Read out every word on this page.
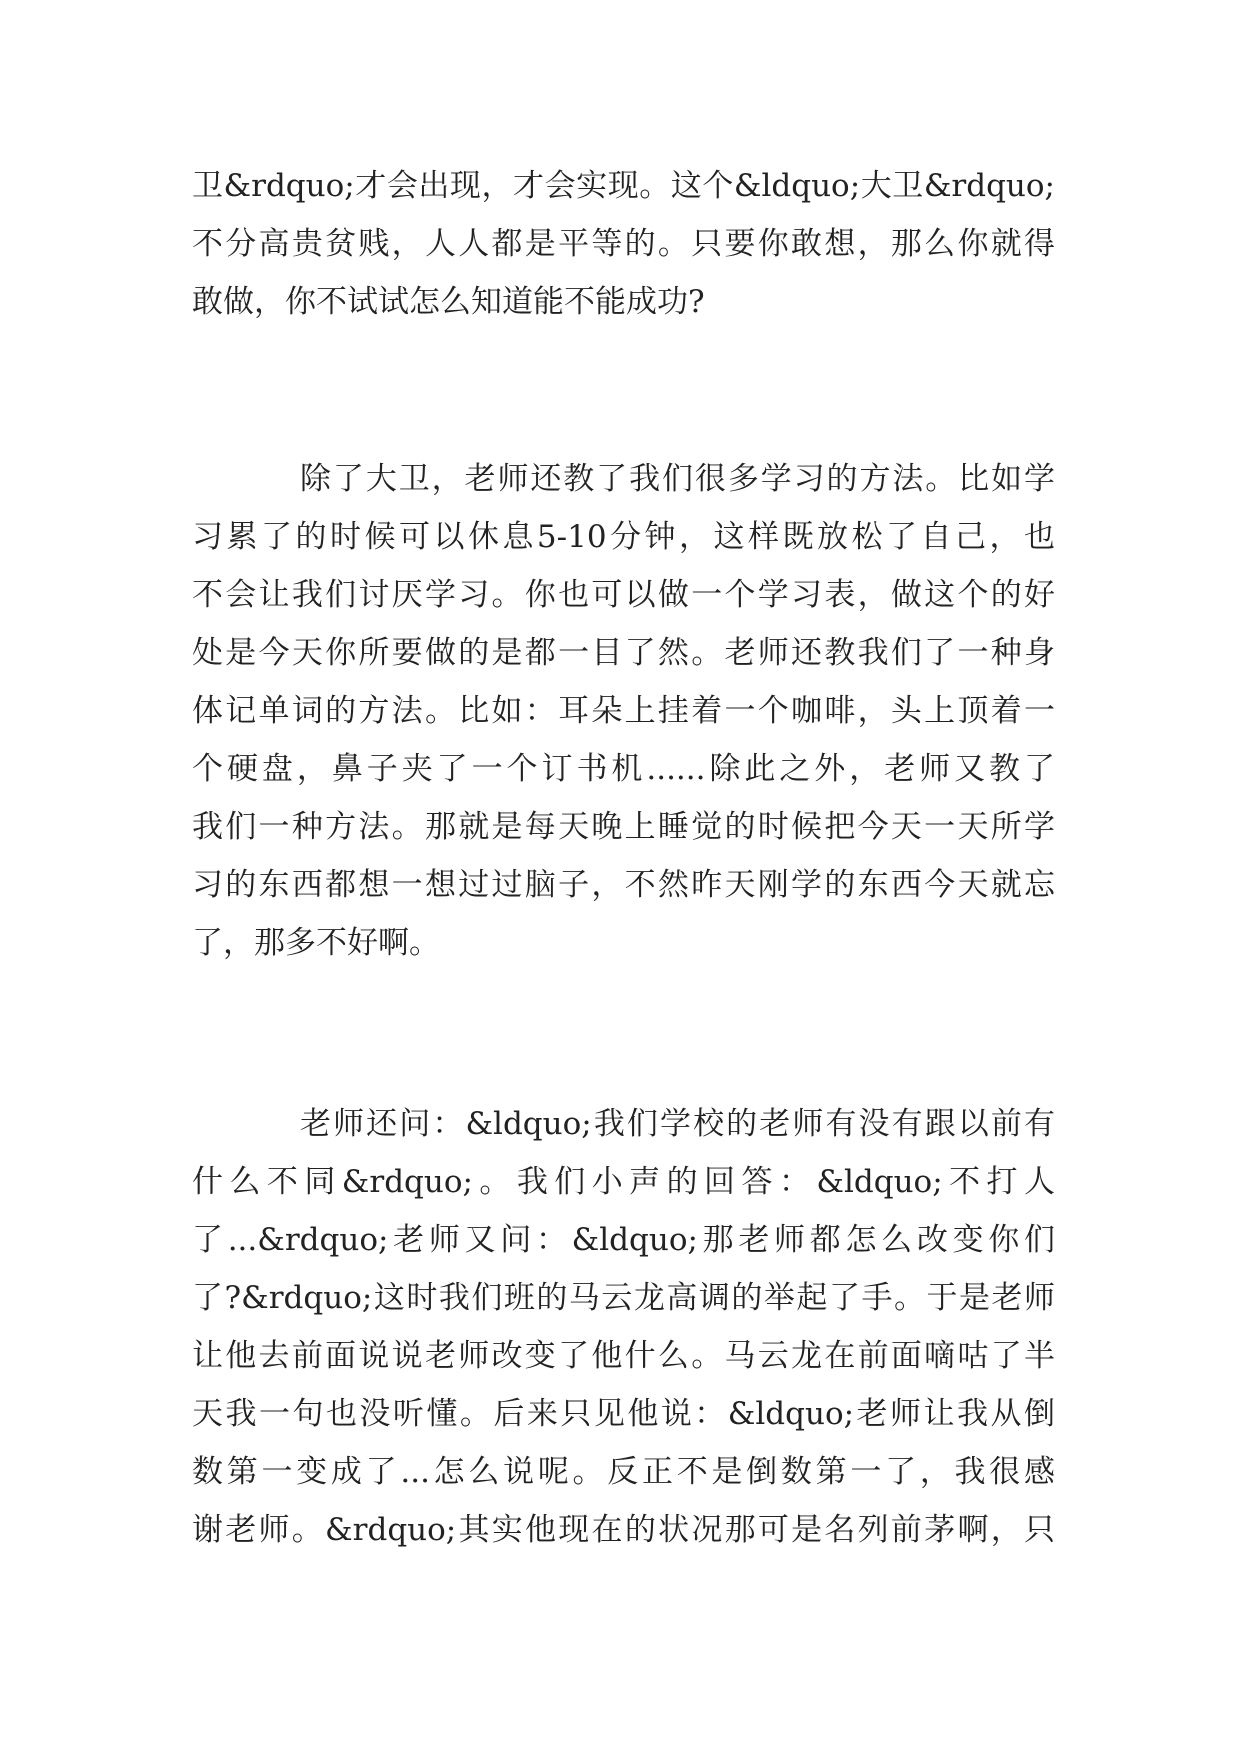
卫&rdquo;才会出现，才会实现。这个&ldquo;大卫&rdquo;
不分高贵贫贱，人人都是平等的。只要你敢想，那么你就得
敢做，你不试试怎么知道能不能成功?
除了大卫，老师还教了我们很多学习的方法。比如学
习累了的时候可以休息5-10分钟，这样既放松了自己，也
不会让我们讨厌学习。你也可以做一个学习表，做这个的好
处是今天你所要做的是都一目了然。老师还教我们了一种身
体记单词的方法。比如：耳朵上挂着一个咖啡，头上顶着一
个硬盘，鼻子夹了一个订书机......除此之外，老师又教了
我们一种方法。那就是每天晚上睡觉的时候把今天一天所学
习的东西都想一想过过脑子，不然昨天刚学的东西今天就忘
了，那多不好啊。
老师还问：&ldquo;我们学校的老师有没有跟以前有
什么不同&rdquo;。我们小声的回答：&ldquo;不打人
了...&rdquo;老师又问：&ldquo;那老师都怎么改变你们
了?&rdquo;这时我们班的马云龙高调的举起了手。于是老师
让他去前面说说老师改变了他什么。马云龙在前面嘀咕了半
天我一句也没听懂。后来只见他说：&ldquo;老师让我从倒
数第一变成了...怎么说呢。反正不是倒数第一了，我很感
谢老师。&rdquo;其实他现在的状况那可是名列前茅啊，只
